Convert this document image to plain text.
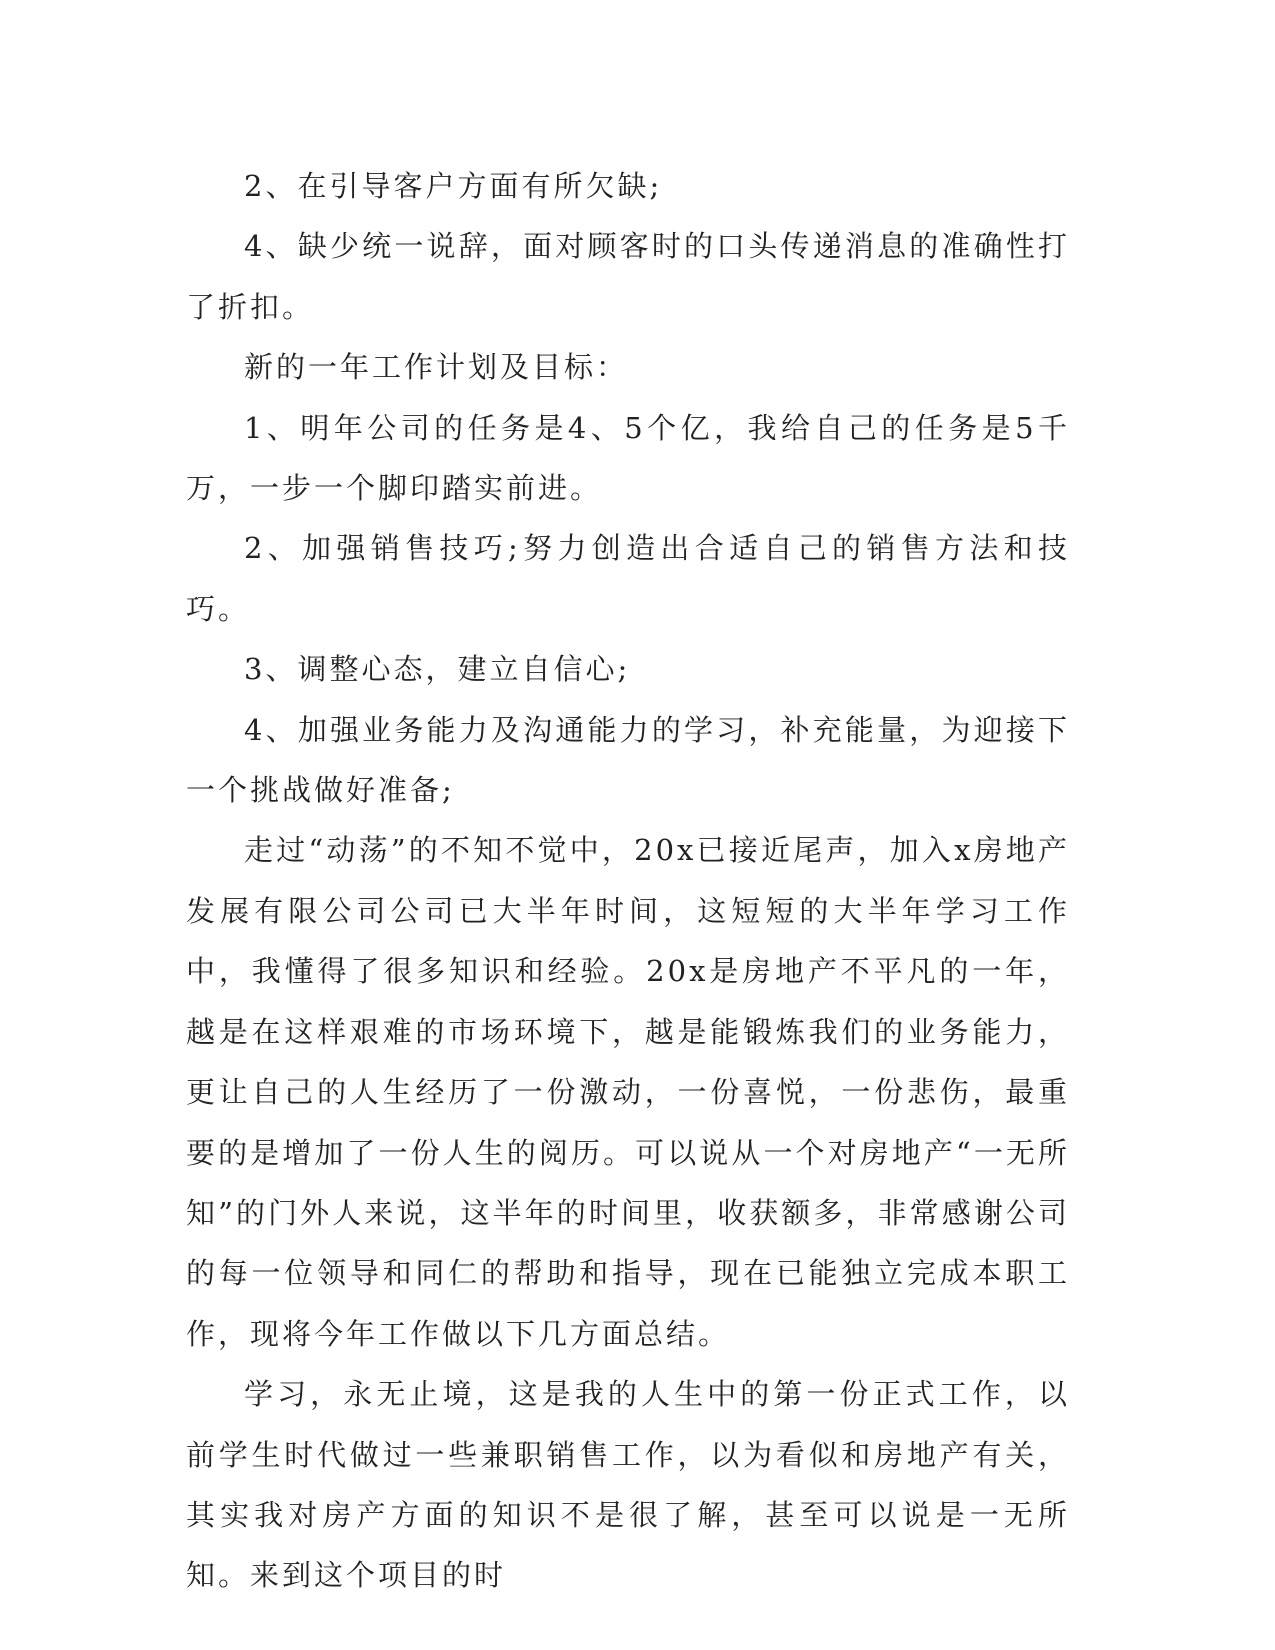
2、在引导客户方面有所欠缺;

4、缺少统一说辞，面对顾客时的口头传递消息的准确性打了折扣。

新的一年工作计划及目标：

1、明年公司的任务是4、5个亿，我给自己的任务是5千万，一步一个脚印踏实前进。

2、加强销售技巧;努力创造出合适自己的销售方法和技巧。

3、调整心态，建立自信心;

4、加强业务能力及沟通能力的学习，补充能量，为迎接下一个挑战做好准备;

走过“动荡”的不知不觉中，20x已接近尾声，加入x房地产发展有限公司公司已大半年时间，这短短的大半年学习工作中，我懂得了很多知识和经验。20x是房地产不平凡的一年，越是在这样艰难的市场环境下，越是能锻炼我们的业务能力，更让自己的人生经历了一份激动，一份喜悦，一份悲伤，最重要的是增加了一份人生的阅历。可以说从一个对房地产“一无所知”的门外人来说，这半年的时间里，收获额多，非常感谢公司的每一位领导和同仁的帮助和指导，现在已能独立完成本职工作，现将今年工作做以下几方面总结。

学习，永无止境，这是我的人生中的第一份正式工作，以前学生时代做过一些兼职销售工作，以为看似和房地产有关，其实我对房产方面的知识不是很了解，甚至可以说是一无所知。来到这个项目的时
